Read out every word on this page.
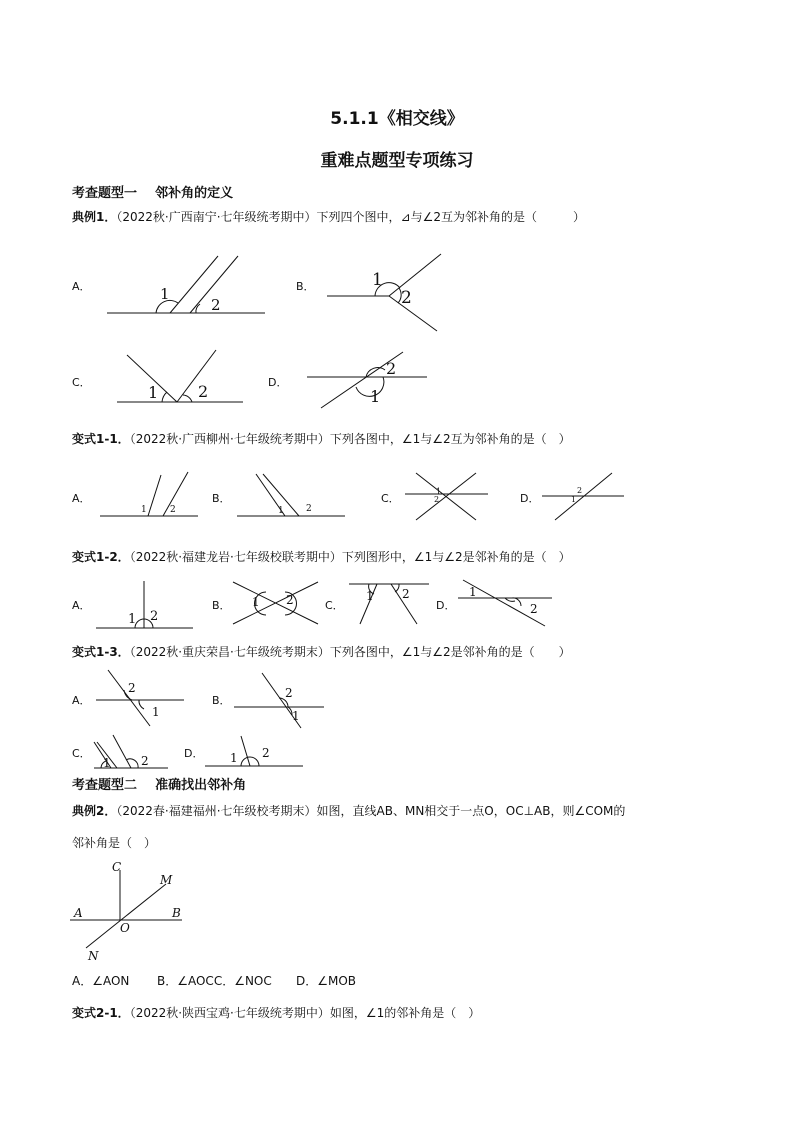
5.1.1《相交线》
重难点题型专项练习
考查题型一 邻补角的定义
典例1．（2022秋·广西南宁·七年级统考期中）下列四个图中，⊿与∠2互为邻补角的是（　　　）
A．	1
2
B．	1
2
C．
1 2	D．
2
1
变式1-1．（2022秋·广西柳州·七年级统考期中）下列各图中，∠1与∠2互为邻补角的是（　）
A．
1	2
B．
1 2
C．
1
2	D．
2
1
变式1-2．（2022秋·福建龙岩·七年级校联考期中）下列图形中，∠1与∠2是邻补角的是（　）
A．
1 2
B． 1 2	C．
1 2
D．
1
2
变式1-3．（2022秋·重庆荣昌·七年级统考期末）下列各图中，∠1与∠2是邻补角的是（　　）
A．
2
1
B．
2
1
C．
1	2
D． 1 2
考查题型二 准确找出邻补角
典例2．（2022春·福建福州·七年级校考期末）如图，直线AB、MN相交于一点O，OC⊥AB，则∠COM的
邻补角是（　）
C
M
A	B
O
N
A．∠AON B．∠AOCC．∠NOC D．∠MOB
变式2-1．（2022秋·陕西宝鸡·七年级统考期中）如图，∠1的邻补角是（　）
